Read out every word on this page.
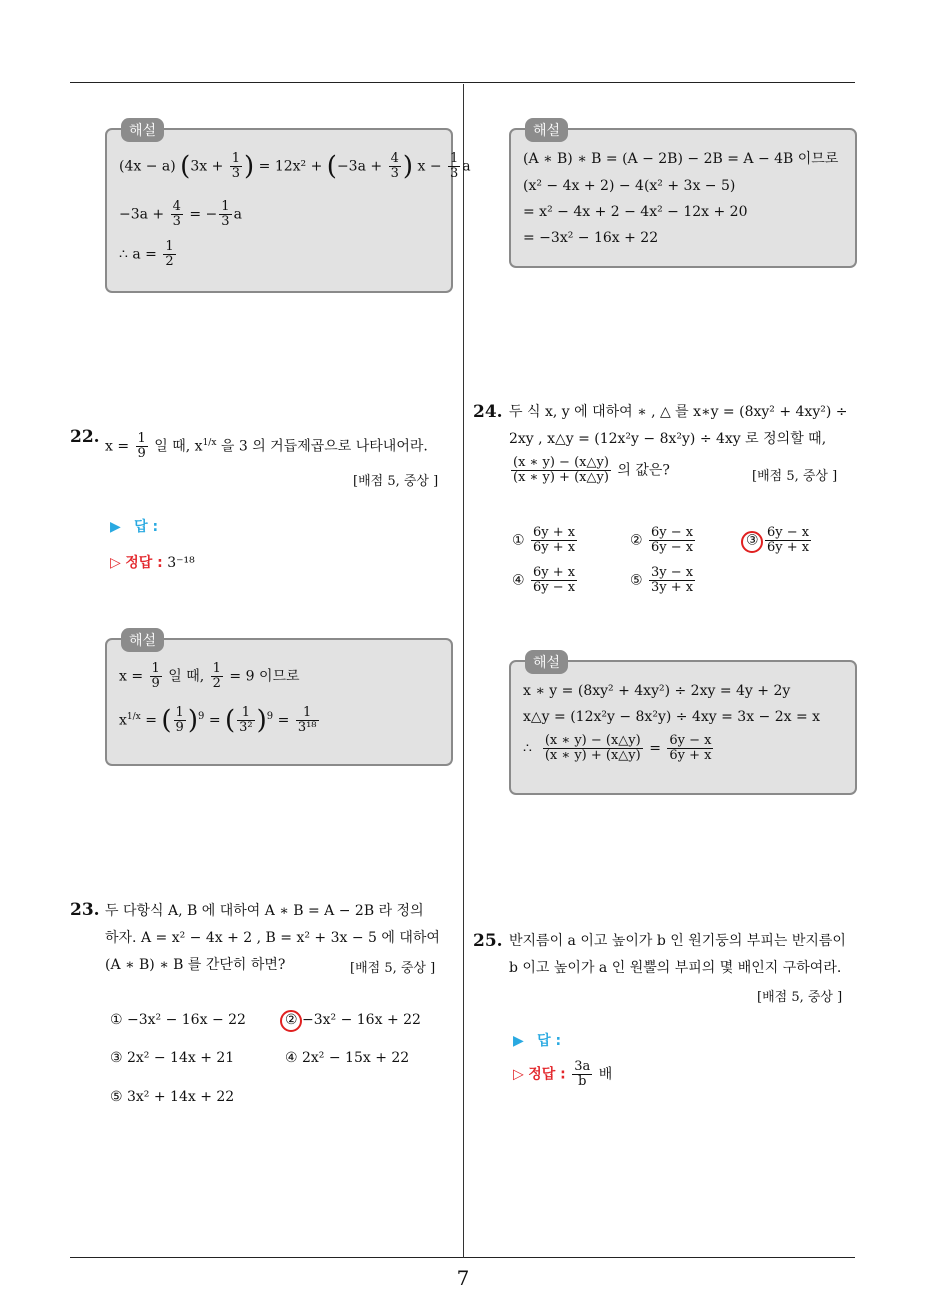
7
해설
(4x − a) ($3x + \frac{1}{3}$ ) = $12x^2 + (-3a + \frac{4}{3}$ ) $x - \frac{1}{3}$ a
$-3a + \frac{4}{3}$ = − $\frac{1}{3}$ a
∴ $a = \frac{1}{2}$
22. $x = \frac{1}{9}$ 일 때, $x^{1/x}$ 을 3 의 거듭제곱으로 나타내어라.
[배점 5, 중상 ]
▶ 답 :
▷ 정답 : 3⁻¹⁸
해설
$x = \frac{1}{9}$ 일 때, $\frac{1}{2} = 9$ 이므로
$x^{1/x}$ = ( $\frac{1}{9} )^9$ = ( $\frac{1}{\text{3²}} )^9 = \frac{1}{\text{3¹⁸}}$
23. 두 다항식 A, B 에 대하여 A ∗ B = A − 2B 라 정의
하자. A = x² − 4x + 2 , B = x² + 3x − 5 에 대하여
(A ∗ B) ∗ B 를 간단히 하면?	[배점 5, 중상 ]
① −3x² − 16x − 22	② −3x² − 16x + 22
③ 2x² − 14x + 21	④ 2x² − 15x + 22
⑤ 3x² + 14x + 22
해설
(A ∗ B) ∗ B = (A − 2B) − 2B = A − 4B 이므로
(x² − 4x + 2) − 4(x² + 3x − 5)
= x² − 4x + 2 − 4x² − 12x + 20
= −3x² − 16x + 22
24. 두 식 x, y 에 대하여 ∗ , △ 를 x∗y = (8xy² + 4xy²) ÷
2xy , x△y = (12x²y − 8x²y) ÷ 4xy 로 정의할 때,
$\frac{(x ∗ y) - (x\triangle y)}{(x ∗ y) + (x\triangle y)}$ 의 값은?	[배점 5, 중상 ]
① $\frac{6y + x}{6y + x}$	② $\frac{6y - x}{6y - x}$	③ $\frac{6y - x}{6y + x}$
④ $\frac{6y + x}{6y - x}$	⑤ $\frac{3y - x}{3y + x}$
해설
x ∗ y = (8xy² + 4xy²) ÷ 2xy = 4y + 2y
x△y = (12x²y − 8x²y) ÷ 4xy = 3x − 2x = x
∴ $\frac{(x ∗ y) - (x\triangle y)}{(x ∗ y) + (x\triangle y)} = \frac{6y - x}{6y + x}$
25. 반지름이 a 이고 높이가 b 인 원기둥의 부피는 반지름이
b 이고 높이가 a 인 원뿔의 부피의 몇 배인지 구하여라.
[배점 5, 중상 ]
▶ 답 :
▷ 정답 : $\frac{3a}{b}$ 배
